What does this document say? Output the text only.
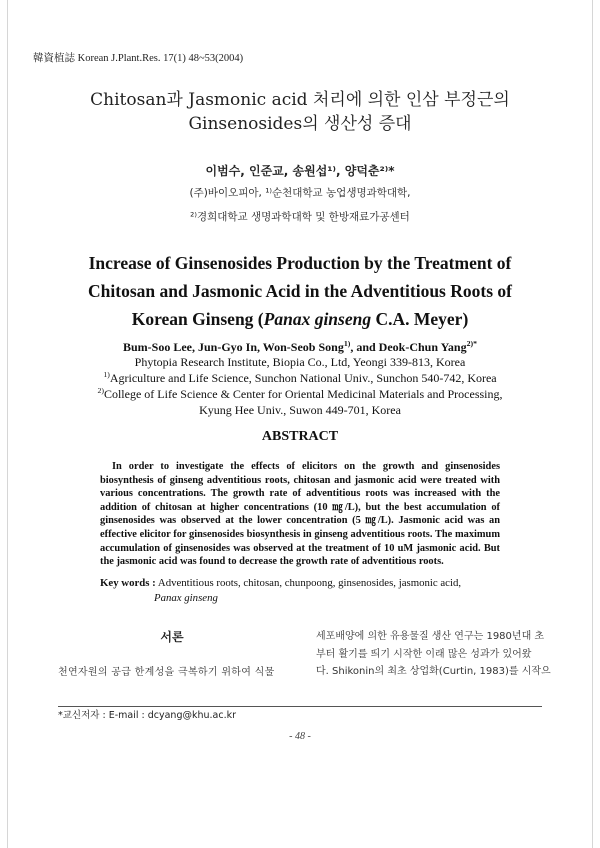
韓資植誌 Korean J.Plant.Res. 17(1) 48~53(2004)
Chitosan과 Jasmonic acid 처리에 의한 인삼 부정근의
Ginsenosides의 생산성 증대
이범수, 인준교, 송원섭¹⁾, 양덕춘²⁾*
(주)바이오피아, ¹⁾순천대학교 농업생명과학대학,
²⁾경희대학교 생명과학대학 및 한방재료가공센터
Increase of Ginsenosides Production by the Treatment of
Chitosan and Jasmonic Acid in the Adventitious Roots of
Korean Ginseng (Panax ginseng C.A. Meyer)
Bum-Soo Lee, Jun-Gyo In, Won-Seob Song$^{1)}$, and Deok-Chun Yang$^{2)*}$
Phytopia Research Institute, Biopia Co., Ltd, Yeongi 339-813, Korea
$^{1)}$Agriculture and Life Science, Sunchon National Univ., Sunchon 540-742, Korea
$^{2)}$College of Life Science & Center for Oriental Medicinal Materials and Processing,
Kyung Hee Univ., Suwon 449-701, Korea
ABSTRACT
In order to investigate the effects of elicitors on the growth and ginsenosides biosynthesis of ginseng adventitious roots, chitosan and jasmonic acid were treated with various concentrations. The growth rate of adventitious roots was increased with the addition of chitosan at higher concentrations (10 ㎎/L), but the best accumulation of ginsenosides was observed at the lower concentration (5 ㎎/L). Jasmonic acid was an effective elicitor for ginsenosides biosynthesis in ginseng adventitious roots. The maximum accumulation of ginsenosides was observed at the treatment of 10 uM jasmonic acid. But the jasmonic acid was found to decrease the growth rate of adventitious roots.
Key words : Adventitious roots, chitosan, chunpoong, ginsenosides, jasmonic acid,
Panax ginseng
서론
천연자원의 공급 한계성을 극복하기 위하여 식물
세포배양에 의한 유용물질 생산 연구는 1980년대 초
부터 활기를 띄기 시작한 이래 많은 성과가 있어왔
다. Shikonin의 최초 상업화(Curtin, 1983)를 시작으
*교신저자 : E-mail : dcyang@khu.ac.kr
- 48 -
